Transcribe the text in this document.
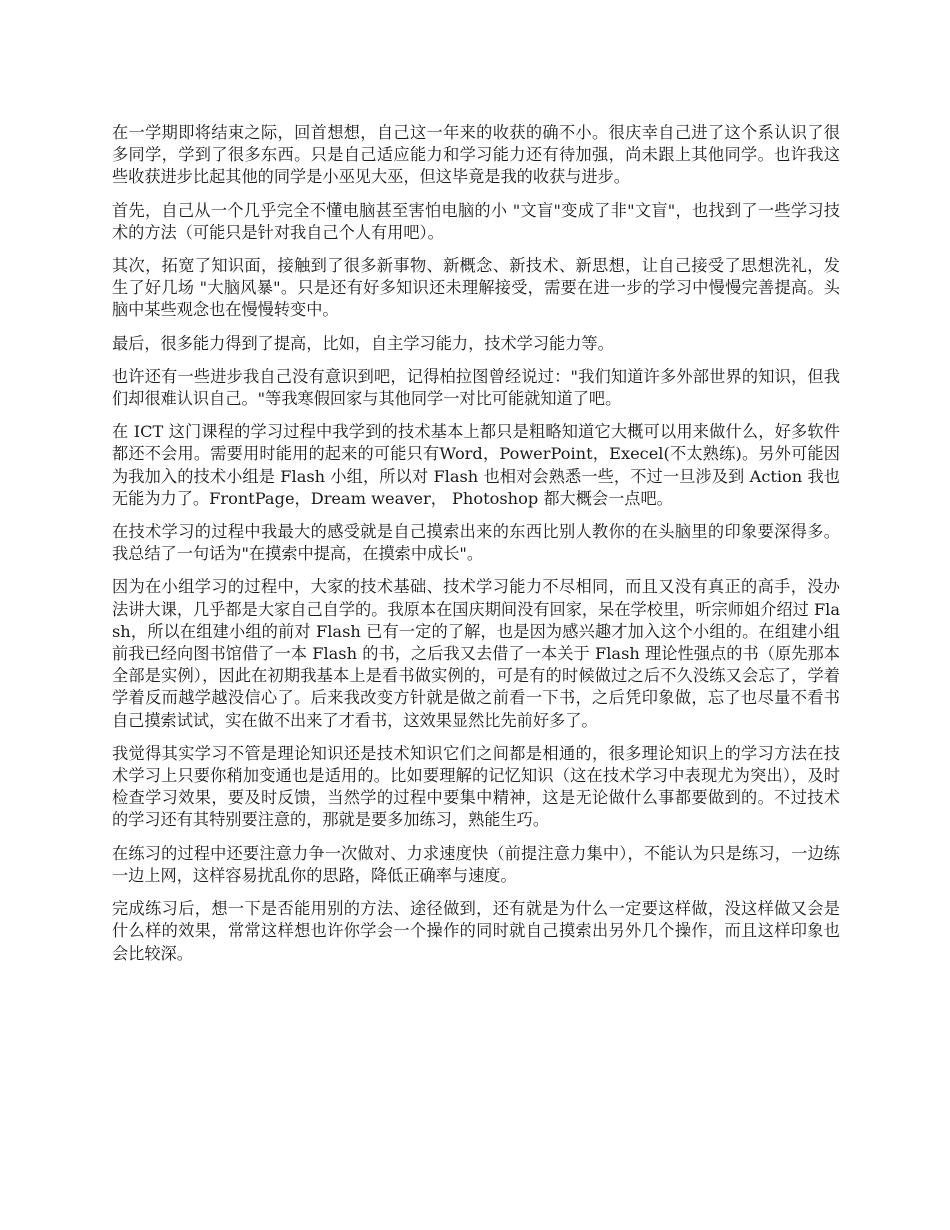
在一学期即将结束之际，回首想想，自己这一年来的收获的确不小。很庆幸自己进了这个系认识了很多同学，学到了很多东西。只是自己适应能力和学习能力还有待加强，尚未跟上其他同学。也许我这些收获进步比起其他的同学是小巫见大巫，但这毕竟是我的收获与进步。

首先，自己从一个几乎完全不懂电脑甚至害怕电脑的小 "文盲"变成了非"文盲"，也找到了一些学习技术的方法（可能只是针对我自己个人有用吧）。

其次，拓宽了知识面，接触到了很多新事物、新概念、新技术、新思想，让自己接受了思想洗礼，发生了好几场 "大脑风暴"。只是还有好多知识还未理解接受，需要在进一步的学习中慢慢完善提高。头脑中某些观念也在慢慢转变中。

最后，很多能力得到了提高，比如，自主学习能力，技术学习能力等。

也许还有一些进步我自己没有意识到吧，记得柏拉图曾经说过："我们知道许多外部世界的知识，但我们却很难认识自己。"等我寒假回家与其他同学一对比可能就知道了吧。

在 ICT 这门课程的学习过程中我学到的技术基本上都只是粗略知道它大概可以用来做什么，好多软件都还不会用。需要用时能用的起来的可能只有Word，PowerPoint，Execel(不太熟练)。另外可能因为我加入的技术小组是 Flash 小组，所以对 Flash 也相对会熟悉一些，不过一旦涉及到 Action 我也无能为力了。FrontPage，Dream weaver， Photoshop 都大概会一点吧。

在技术学习的过程中我最大的感受就是自己摸索出来的东西比别人教你的在头脑里的印象要深得多。我总结了一句话为"在摸索中提高，在摸索中成长"。

因为在小组学习的过程中，大家的技术基础、技术学习能力不尽相同，而且又没有真正的高手，没办法讲大课，几乎都是大家自己自学的。我原本在国庆期间没有回家，呆在学校里，听宗师姐介绍过 Flash，所以在组建小组的前对 Flash 已有一定的了解，也是因为感兴趣才加入这个小组的。在组建小组前我已经向图书馆借了一本 Flash 的书，之后我又去借了一本关于 Flash 理论性强点的书（原先那本全部是实例），因此在初期我基本上是看书做实例的，可是有的时候做过之后不久没练又会忘了，学着学着反而越学越没信心了。后来我改变方针就是做之前看一下书，之后凭印象做，忘了也尽量不看书自己摸索试试，实在做不出来了才看书，这效果显然比先前好多了。

我觉得其实学习不管是理论知识还是技术知识它们之间都是相通的，很多理论知识上的学习方法在技术学习上只要你稍加变通也是适用的。比如要理解的记忆知识（这在技术学习中表现尤为突出），及时检查学习效果，要及时反馈，当然学的过程中要集中精神，这是无论做什么事都要做到的。不过技术的学习还有其特别要注意的，那就是要多加练习，熟能生巧。

在练习的过程中还要注意力争一次做对、力求速度快（前提注意力集中），不能认为只是练习，一边练一边上网，这样容易扰乱你的思路，降低正确率与速度。

完成练习后，想一下是否能用别的方法、途径做到，还有就是为什么一定要这样做，没这样做又会是什么样的效果，常常这样想也许你学会一个操作的同时就自己摸索出另外几个操作，而且这样印象也会比较深。
